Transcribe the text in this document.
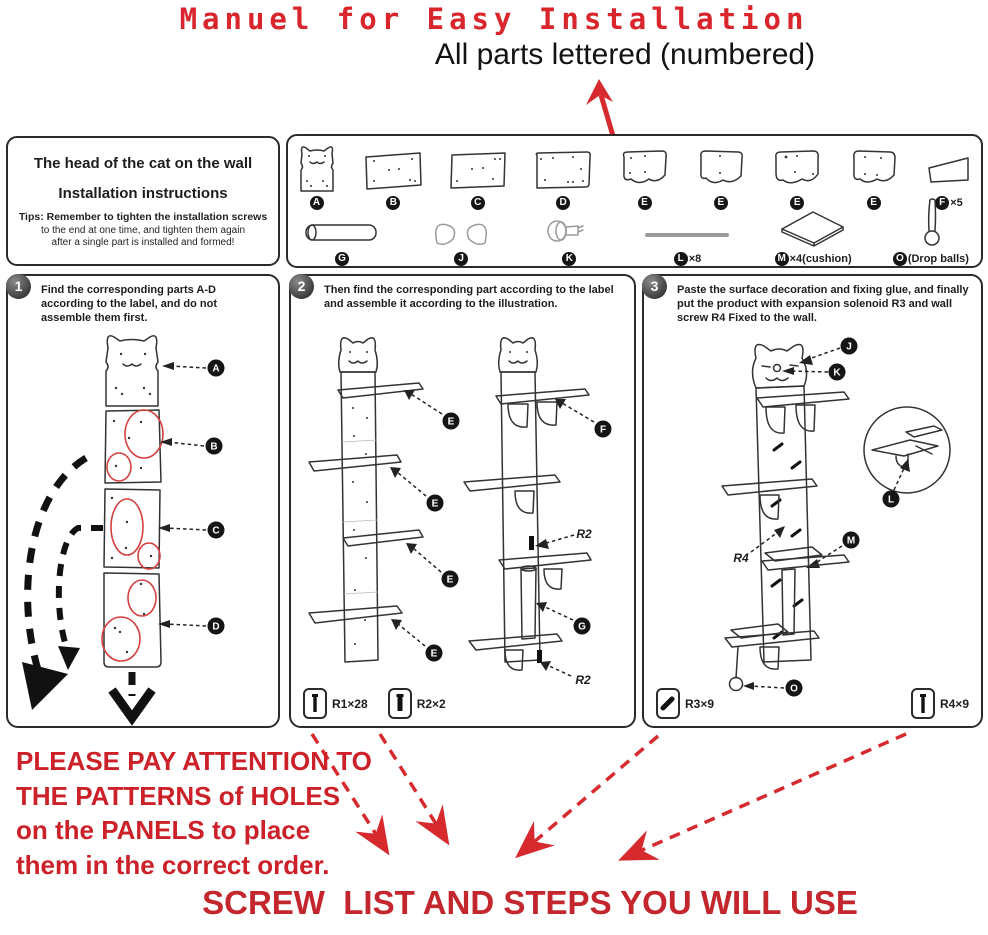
Manuel for Easy Installation
All parts lettered (numbered)
The head of the cat on the wall
Installation instructions
Tips: Remember to tighten the installation screws
to the end at one time, and tighten them again
after a single part is installed and formed!
A	B	C	D	E	E	E	E	F ×5
G	J	K	L ×8	M ×4(cushion)	O (Drop balls)
1	Find the corresponding parts A-D according to the label, and do not assemble them first.
A
B
C
D
2	Then find the corresponding part according to the label and assemble it according to the illustration.
E
E
E
E
F
R2
G
R2
R1×28	R2×2
3	Paste the surface decoration and fixing glue, and finally put the product with expansion solenoid R3 and wall screw R4 Fixed to the wall.
J
K
L
R4
M
O
R3×9	R4×9
PLEASE PAY ATTENTION TO
THE PATTERNS of HOLES
on the PANELS to place
them in the correct order.
SCREW  LIST AND STEPS YOU WILL USE
